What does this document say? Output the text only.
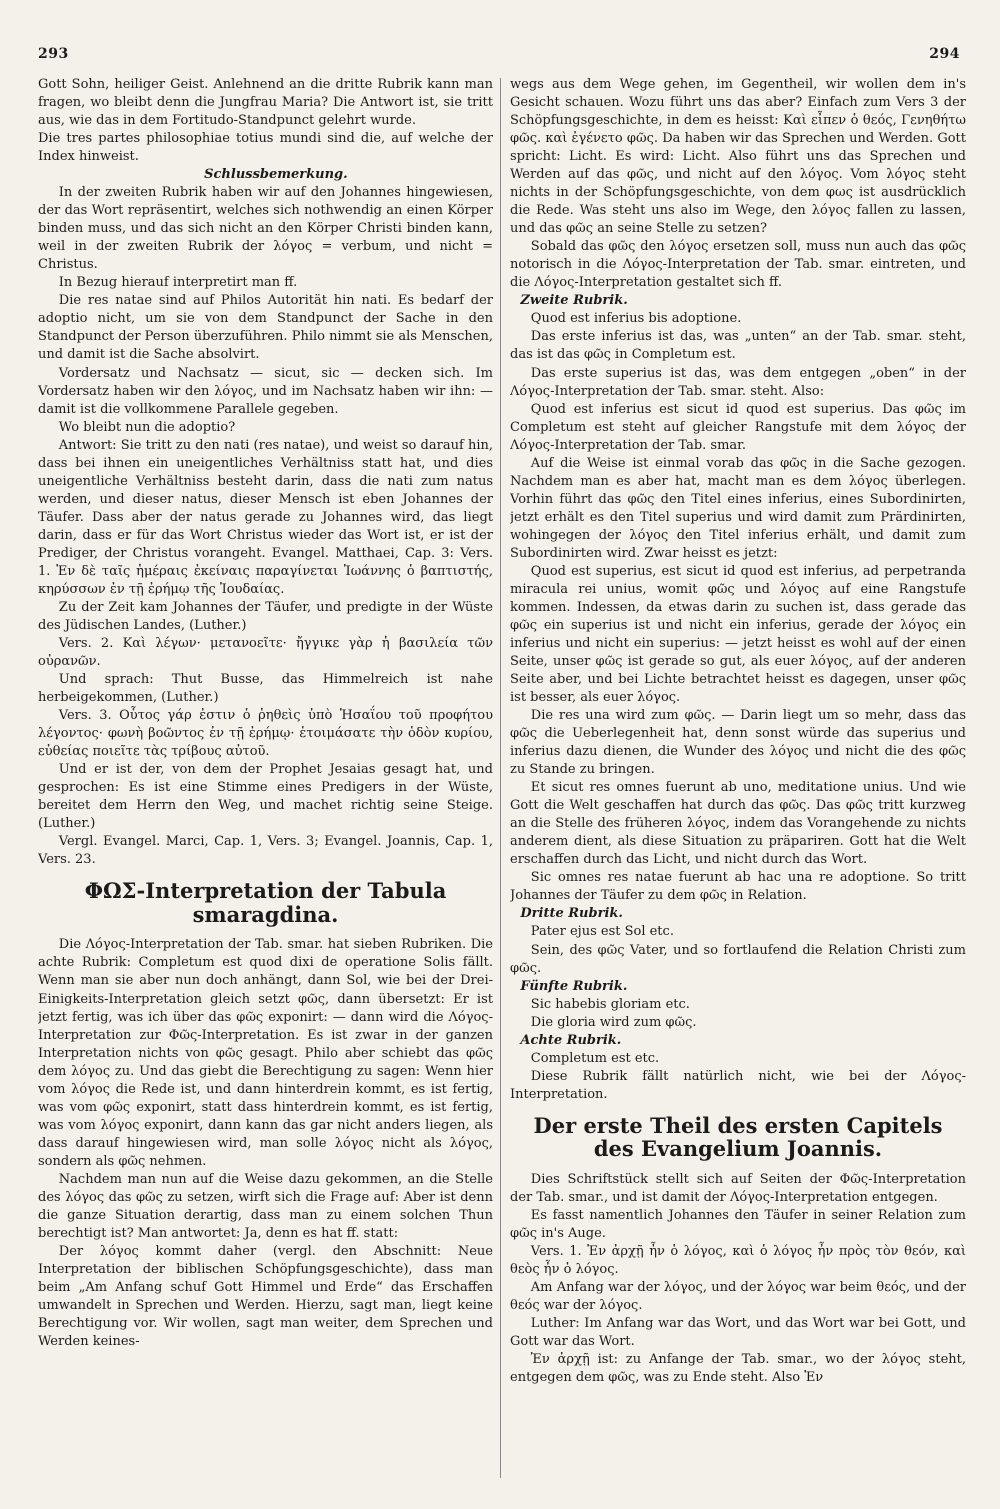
293	294

Gott Sohn, heiliger Geist. Anlehnend an die dritte Rubrik kann man fragen, wo bleibt denn die Jungfrau Maria? Die Antwort ist, sie tritt aus, wie das in dem Fortitudo-Standpunct gelehrt wurde.

Die tres partes philosophiae totius mundi sind die, auf welche der Index hinweist.

Schlussbemerkung.

In der zweiten Rubrik haben wir auf den Johannes hingewiesen, der das Wort repräsentirt, welches sich nothwendig an einen Körper binden muss, und das sich nicht an den Körper Christi binden kann, weil in der zweiten Rubrik der λόγος = verbum, und nicht = Christus.

In Bezug hierauf interpretirt man ff.

Die res natae sind auf Philos Autorität hin nati. Es bedarf der adoptio nicht, um sie von dem Standpunct der Sache in den Standpunct der Person überzuführen. Philo nimmt sie als Menschen, und damit ist die Sache absolvirt.

Vordersatz und Nachsatz — sicut, sic — decken sich. Im Vordersatz haben wir den λόγος, und im Nachsatz haben wir ihn: — damit ist die vollkommene Parallele gegeben.

Wo bleibt nun die adoptio?

Antwort: Sie tritt zu den nati (res natae), und weist so darauf hin, dass bei ihnen ein uneigentliches Verhältniss statt hat, und dies uneigentliche Verhältniss besteht darin, dass die nati zum natus werden, und dieser natus, dieser Mensch ist eben Johannes der Täufer. Dass aber der natus gerade zu Johannes wird, das liegt darin, dass er für das Wort Christus wieder das Wort ist, er ist der Prediger, der Christus vorangeht. Evangel. Matthaei, Cap. 3: Vers. 1. Ἐν δὲ ταῖς ἡμέραις ἐκείναις παραγίνεται Ἰωάννης ὁ βαπτιστής, κηρύσσων ἐν τῇ ἐρήμῳ τῆς Ἰουδαίας.

Zu der Zeit kam Johannes der Täufer, und predigte in der Wüste des Jüdischen Landes, (Luther.)

Vers. 2. Καὶ λέγων· μετανοεῖτε· ἤγγικε γὰρ ἡ βασιλεία τῶν οὐρανῶν.

Und sprach: Thut Busse, das Himmelreich ist nahe herbeigekommen, (Luther.)

Vers. 3. Οὗτος γάρ ἐστιν ὁ ῥηθεὶς ὑπὸ Ἡσαΐου τοῦ προφήτου λέγοντος· φωνὴ βοῶντος ἐν τῇ ἐρήμῳ· ἑτοιμάσατε τὴν ὁδὸν κυρίου, εὐθείας ποιεῖτε τὰς τρίβους αὐτοῦ.

Und er ist der, von dem der Prophet Jesaias gesagt hat, und gesprochen: Es ist eine Stimme eines Predigers in der Wüste, bereitet dem Herrn den Weg, und machet richtig seine Steige. (Luther.)

Vergl. Evangel. Marci, Cap. 1, Vers. 3; Evangel. Joannis, Cap. 1, Vers. 23.

ΦΩΣ-Interpretation der Tabula smaragdina.

Die Λόγος-Interpretation der Tab. smar. hat sieben Rubriken. Die achte Rubrik: Completum est quod dixi de operatione Solis fällt. Wenn man sie aber nun doch anhängt, dann Sol, wie bei der Drei-Einigkeits-Interpretation gleich setzt φῶς, dann übersetzt: Er ist jetzt fertig, was ich über das φῶς exponirt: — dann wird die Λόγος-Interpretation zur Φῶς-Interpretation. Es ist zwar in der ganzen Interpretation nichts von φῶς gesagt. Philo aber schiebt das φῶς dem λόγος zu. Und das giebt die Berechtigung zu sagen: Wenn hier vom λόγος die Rede ist, und dann hinterdrein kommt, es ist fertig, was vom φῶς exponirt, statt dass hinterdrein kommt, es ist fertig, was vom λόγος exponirt, dann kann das gar nicht anders liegen, als dass darauf hingewiesen wird, man solle λόγος nicht als λόγος, sondern als φῶς nehmen.

Nachdem man nun auf die Weise dazu gekommen, an die Stelle des λόγος das φῶς zu setzen, wirft sich die Frage auf: Aber ist denn die ganze Situation derartig, dass man zu einem solchen Thun berechtigt ist? Man antwortet: Ja, denn es hat ff. statt:

Der λόγος kommt daher (vergl. den Abschnitt: Neue Interpretation der biblischen Schöpfungsgeschichte), dass man beim „Am Anfang schuf Gott Himmel und Erde“ das Erschaffen umwandelt in Sprechen und Werden. Hierzu, sagt man, liegt keine Berechtigung vor. Wir wollen, sagt man weiter, dem Sprechen und Werden keines-

wegs aus dem Wege gehen, im Gegentheil, wir wollen dem in's Gesicht schauen. Wozu führt uns das aber? Einfach zum Vers 3 der Schöpfungsgeschichte, in dem es heisst: Καὶ εἶπεν ὁ θεός, Γενηθήτω φῶς. καὶ ἐγένετο φῶς. Da haben wir das Sprechen und Werden. Gott spricht: Licht. Es wird: Licht. Also führt uns das Sprechen und Werden auf das φῶς, und nicht auf den λόγος. Vom λόγος steht nichts in der Schöpfungsgeschichte, von dem φως ist ausdrücklich die Rede. Was steht uns also im Wege, den λόγος fallen zu lassen, und das φῶς an seine Stelle zu setzen?

Sobald das φῶς den λόγος ersetzen soll, muss nun auch das φῶς notorisch in die Λόγος-Interpretation der Tab. smar. eintreten, und die Λόγος-Interpretation gestaltet sich ff.

Zweite Rubrik.

Quod est inferius bis adoptione.

Das erste inferius ist das, was „unten“ an der Tab. smar. steht, das ist das φῶς in Completum est.

Das erste superius ist das, was dem entgegen „oben“ in der Λόγος-Interpretation der Tab. smar. steht. Also:

Quod est inferius est sicut id quod est superius. Das φῶς im Completum est steht auf gleicher Rangstufe mit dem λόγος der Λόγος-Interpretation der Tab. smar.

Auf die Weise ist einmal vorab das φῶς in die Sache gezogen. Nachdem man es aber hat, macht man es dem λόγος überlegen. Vorhin führt das φῶς den Titel eines inferius, eines Subordinirten, jetzt erhält es den Titel superius und wird damit zum Prärdinirten, wohingegen der λόγος den Titel inferius erhält, und damit zum Subordinirten wird. Zwar heisst es jetzt:

Quod est superius, est sicut id quod est inferius, ad perpetranda miracula rei unius, womit φῶς und λόγος auf eine Rangstufe kommen. Indessen, da etwas darin zu suchen ist, dass gerade das φῶς ein superius ist und nicht ein inferius, gerade der λόγος ein inferius und nicht ein superius: — jetzt heisst es wohl auf der einen Seite, unser φῶς ist gerade so gut, als euer λόγος, auf der anderen Seite aber, und bei Lichte betrachtet heisst es dagegen, unser φῶς ist besser, als euer λόγος.

Die res una wird zum φῶς. — Darin liegt um so mehr, dass das φῶς die Ueberlegenheit hat, denn sonst würde das superius und inferius dazu dienen, die Wunder des λόγος und nicht die des φῶς zu Stande zu bringen.

Et sicut res omnes fuerunt ab uno, meditatione unius. Und wie Gott die Welt geschaffen hat durch das φῶς. Das φῶς tritt kurzweg an die Stelle des früheren λόγος, indem das Vorangehende zu nichts anderem dient, als diese Situation zu präpariren. Gott hat die Welt erschaffen durch das Licht, und nicht durch das Wort.

Sic omnes res natae fuerunt ab hac una re adoptione. So tritt Johannes der Täufer zu dem φῶς in Relation.

Dritte Rubrik.

Pater ejus est Sol etc.

Sein, des φῶς Vater, und so fortlaufend die Relation Christi zum φῶς.

Fünfte Rubrik.

Sic habebis gloriam etc.

Die gloria wird zum φῶς.

Achte Rubrik.

Completum est etc.

Diese Rubrik fällt natürlich nicht, wie bei der Λόγος-Interpretation.

Der erste Theil des ersten Capitels des Evangelium Joannis.

Dies Schriftstück stellt sich auf Seiten der Φῶς-Interpretation der Tab. smar., und ist damit der Λόγος-Interpretation entgegen.

Es fasst namentlich Johannes den Täufer in seiner Relation zum φῶς in's Auge.

Vers. 1. Ἐν ἀρχῇ ἦν ὁ λόγος, καὶ ὁ λόγος ἦν πρὸς τὸν θεόν, καὶ θεὸς ἦν ὁ λόγος.

Am Anfang war der λόγος, und der λόγος war beim θεός, und der θεός war der λόγος.

Luther: Im Anfang war das Wort, und das Wort war bei Gott, und Gott war das Wort.

Ἐν ἀρχῇ ist: zu Anfange der Tab. smar., wo der λόγος steht, entgegen dem φῶς, was zu Ende steht. Also Ἐν
